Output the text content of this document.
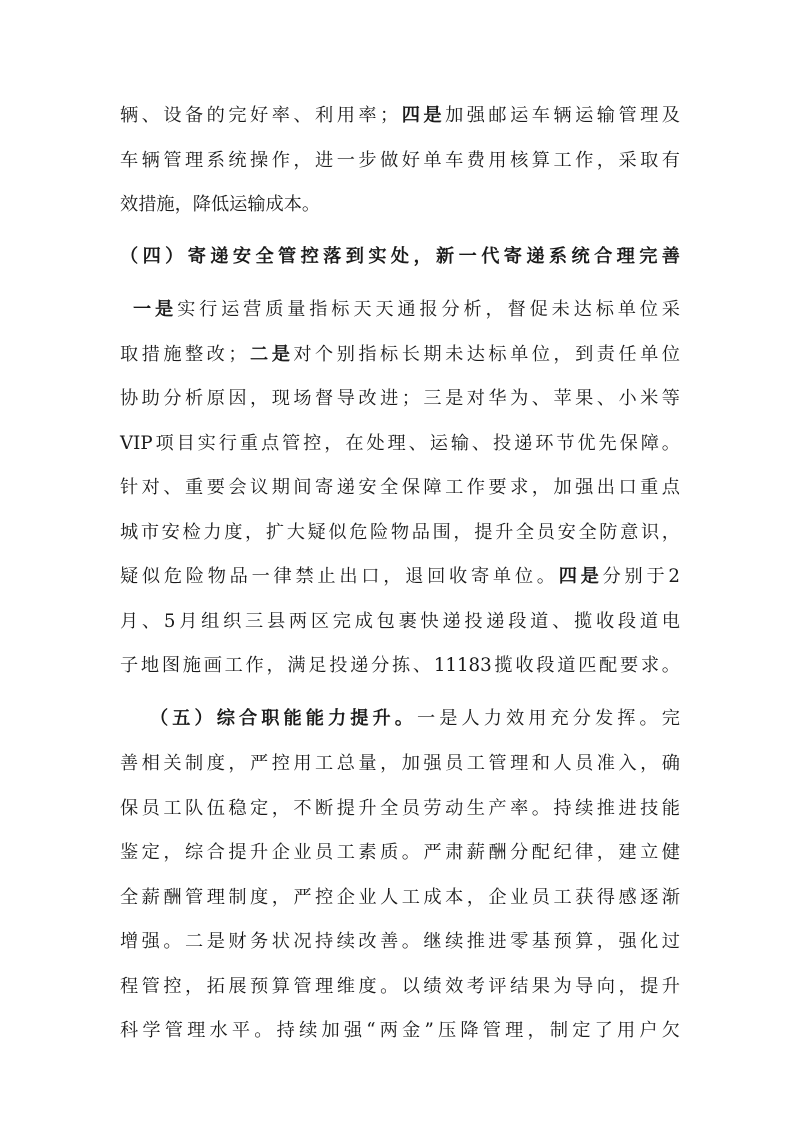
辆、设备的完好率、利用率；四是加强邮运车辆运输管理及

车辆管理系统操作，进一步做好单车费用核算工作，采取有

效措施，降低运输成本。

（四）寄递安全管控落到实处，新一代寄递系统合理完善

一是实行运营质量指标天天通报分析，督促未达标单位采

取措施整改；二是对个别指标长期未达标单位，到责任单位

协助分析原因，现场督导改进；三是对华为、苹果、小米等

VIP项目实行重点管控，在处理、运输、投递环节优先保障。

针对、重要会议期间寄递安全保障工作要求，加强出口重点

城市安检力度，扩大疑似危险物品围，提升全员安全防意识，

疑似危险物品一律禁止出口，退回收寄单位。四是分别于2

月、5月组织三县两区完成包裹快递投递段道、揽收段道电

子地图施画工作，满足投递分拣、11183揽收段道匹配要求。

（五）综合职能能力提升。一是人力效用充分发挥。完

善相关制度，严控用工总量，加强员工管理和人员准入，确

保员工队伍稳定，不断提升全员劳动生产率。持续推进技能

鉴定，综合提升企业员工素质。严肃薪酬分配纪律，建立健

全薪酬管理制度，严控企业人工成本，企业员工获得感逐渐

增强。二是财务状况持续改善。继续推进零基预算，强化过

程管控，拓展预算管理维度。以绩效考评结果为导向，提升

科学管理水平。持续加强“两金”压降管理，制定了用户欠
